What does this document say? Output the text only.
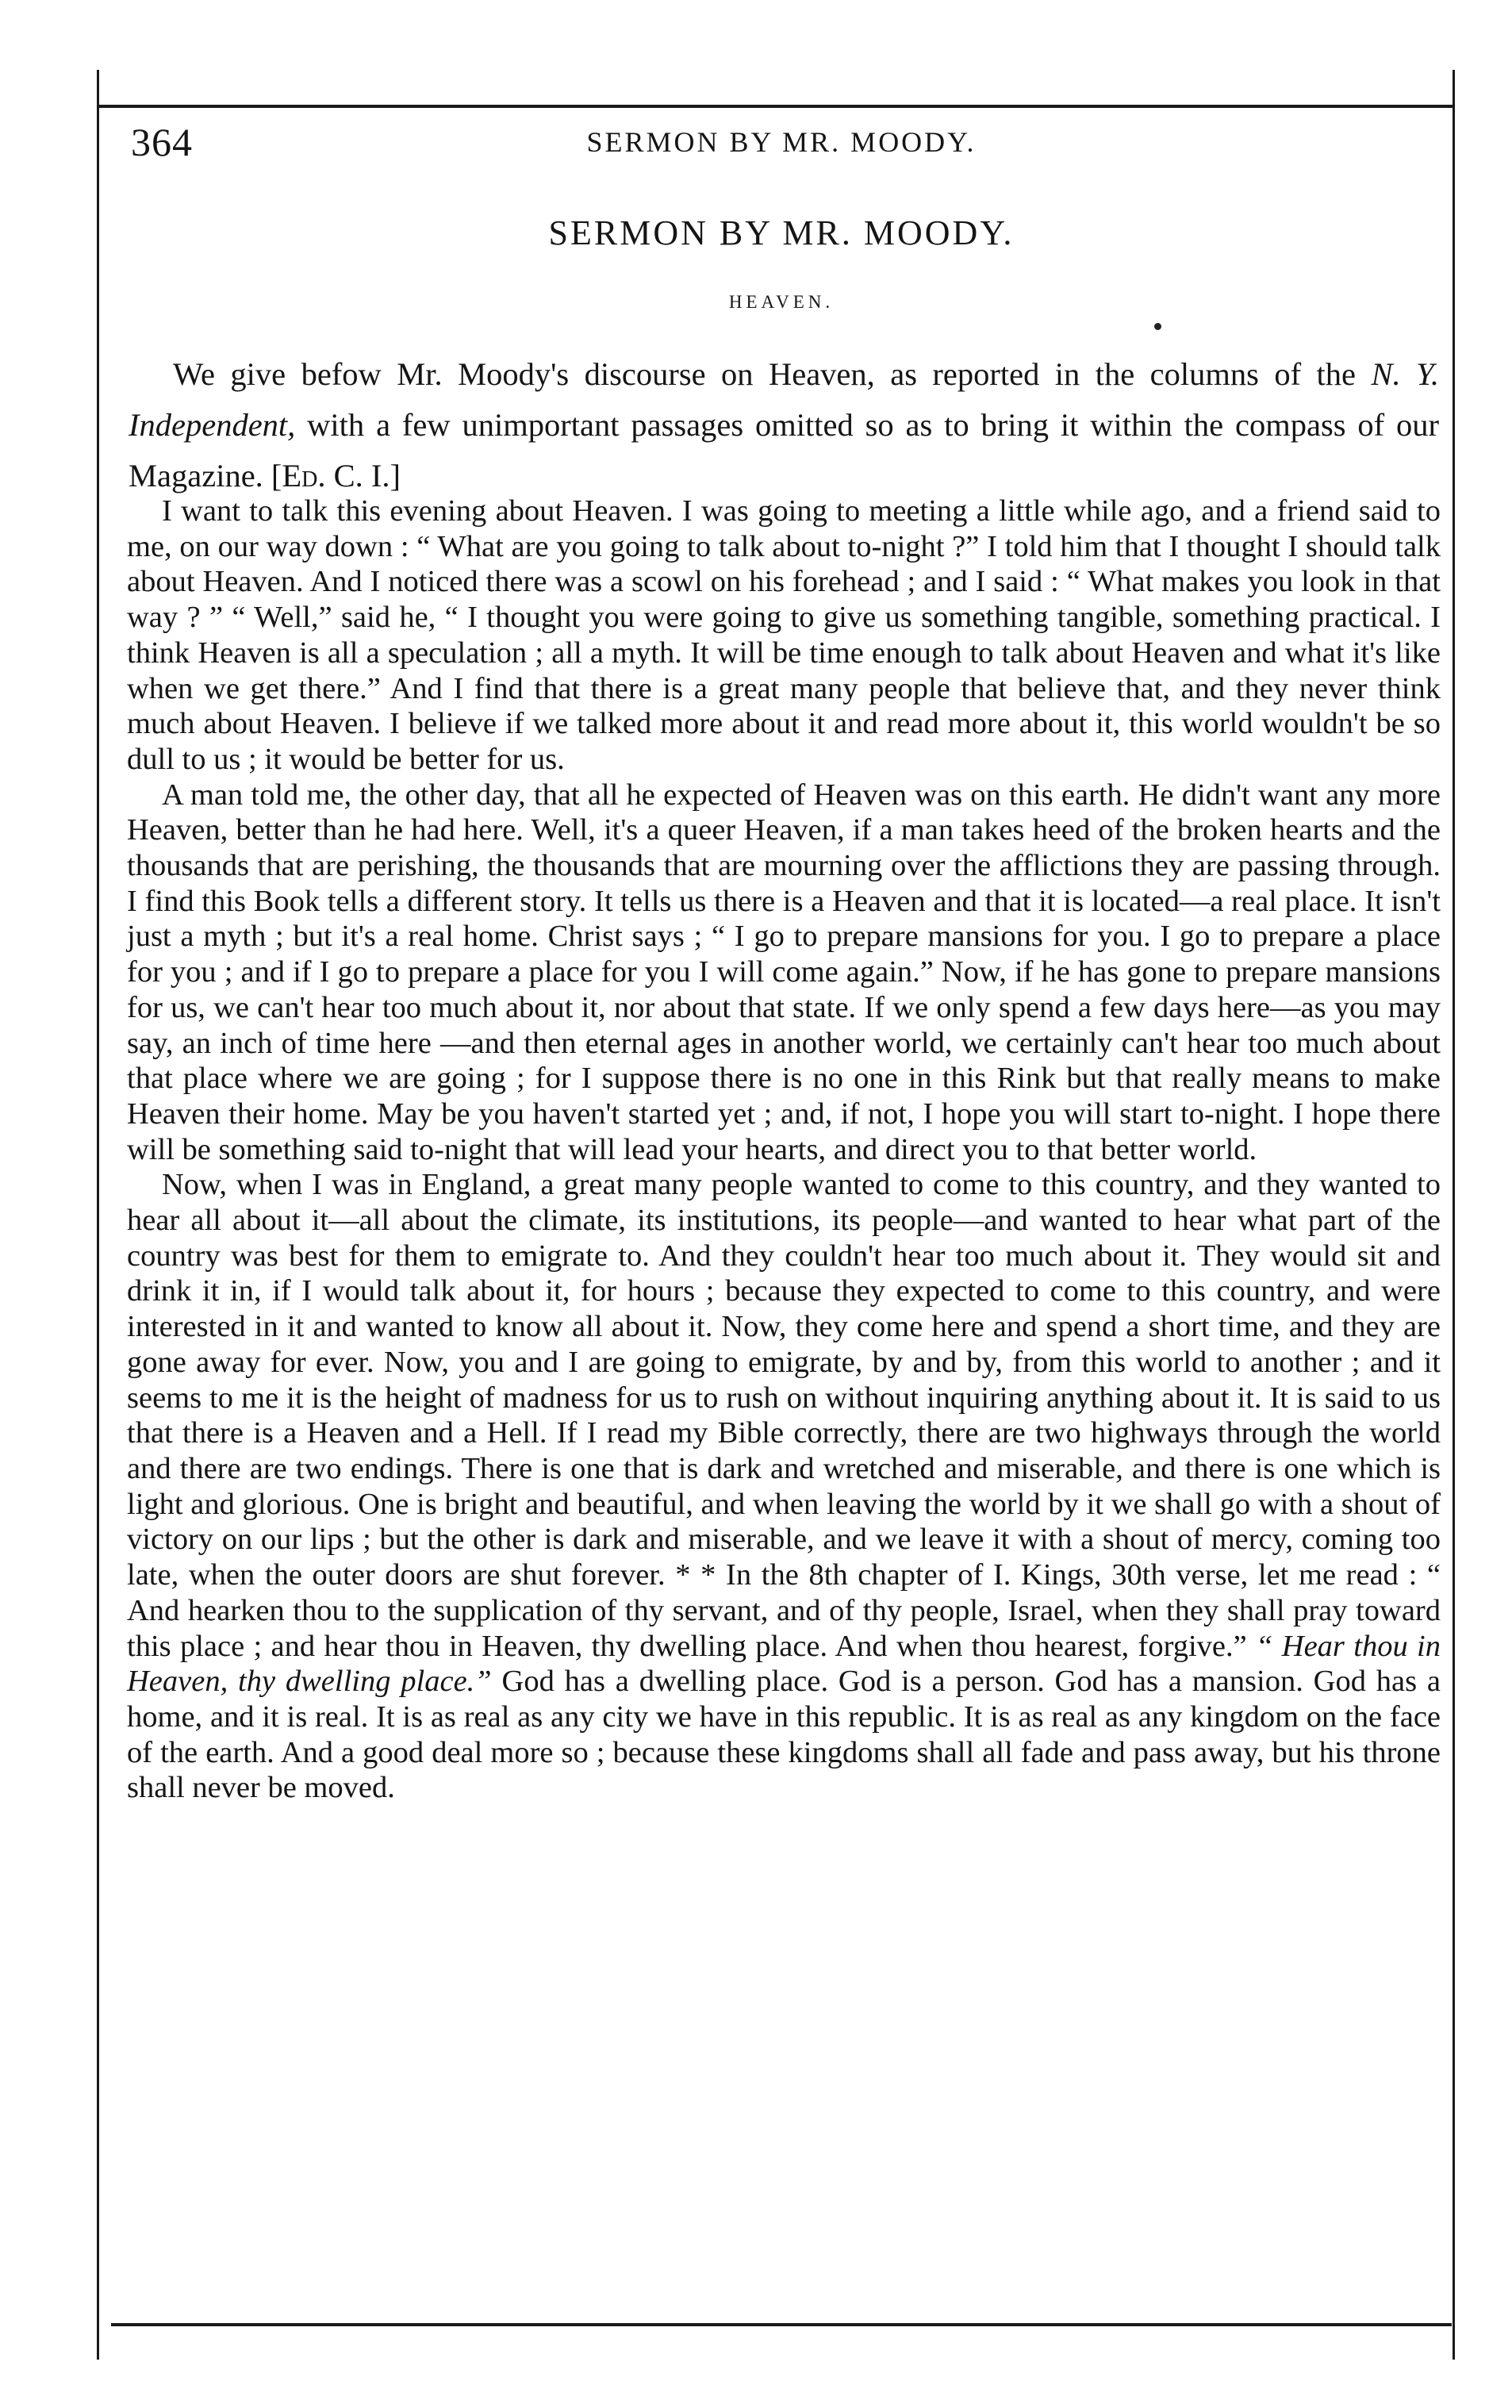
364	SERMON BY MR. MOODY.
SERMON BY MR. MOODY.
HEAVEN.

We give befow Mr. Moody's discourse on Heaven, as reported in the columns of the N. Y. Independent, with a few unimportant passages omitted so as to bring it within the compass of our Magazine. [Ed. C. I.]

I want to talk this evening about Heaven. I was going to meeting a little while ago, and a friend said to me, on our way down : “ What are you going to talk about to-night ?” I told him that I thought I should talk about Heaven. And I noticed there was a scowl on his forehead ; and I said : “ What makes you look in that way ? ” “ Well,” said he, “ I thought you were going to give us something tangible, something practical. I think Heaven is all a speculation ; all a myth. It will be time enough to talk about Heaven and what it's like when we get there.” And I find that there is a great many people that believe that, and they never think much about Heaven. I believe if we talked more about it and read more about it, this world wouldn't be so dull to us ; it would be better for us.

A man told me, the other day, that all he expected of Heaven was on this earth. He didn't want any more Heaven, better than he had here. Well, it's a queer Heaven, if a man takes heed of the broken hearts and the thousands that are perishing, the thousands that are mourning over the afflictions they are passing through. I find this Book tells a different story. It tells us there is a Heaven and that it is located—a real place. It isn't just a myth ; but it's a real home. Christ says ; “ I go to prepare mansions for you. I go to prepare a place for you ; and if I go to prepare a place for you I will come again.” Now, if he has gone to prepare mansions for us, we can't hear too much about it, nor about that state. If we only spend a few days here—as you may say, an inch of time here —and then eternal ages in another world, we certainly can't hear too much about that place where we are going ; for I suppose there is no one in this Rink but that really means to make Heaven their home. May be you haven't started yet ; and, if not, I hope you will start to-night. I hope there will be something said to-night that will lead your hearts, and direct you to that better world.

Now, when I was in England, a great many people wanted to come to this country, and they wanted to hear all about it—all about the climate, its institutions, its people—and wanted to hear what part of the country was best for them to emigrate to. And they couldn't hear too much about it. They would sit and drink it in, if I would talk about it, for hours ; because they expected to come to this country, and were interested in it and wanted to know all about it. Now, they come here and spend a short time, and they are gone away for ever. Now, you and I are going to emigrate, by and by, from this world to another ; and it seems to me it is the height of madness for us to rush on without inquiring anything about it. It is said to us that there is a Heaven and a Hell. If I read my Bible correctly, there are two highways through the world and there are two endings. There is one that is dark and wretched and miserable, and there is one which is light and glorious. One is bright and beautiful, and when leaving the world by it we shall go with a shout of victory on our lips ; but the other is dark and miserable, and we leave it with a shout of mercy, coming too late, when the outer doors are shut forever. * * In the 8th chapter of I. Kings, 30th verse, let me read : “ And hearken thou to the supplication of thy servant, and of thy people, Israel, when they shall pray toward this place ; and hear thou in Heaven, thy dwelling place. And when thou hearest, forgive.” “ Hear thou in Heaven, thy dwelling place.” God has a dwelling place. God is a person. God has a mansion. God has a home, and it is real. It is as real as any city we have in this republic. It is as real as any kingdom on the face of the earth. And a good deal more so ; because these kingdoms shall all fade and pass away, but his throne shall never be moved.
